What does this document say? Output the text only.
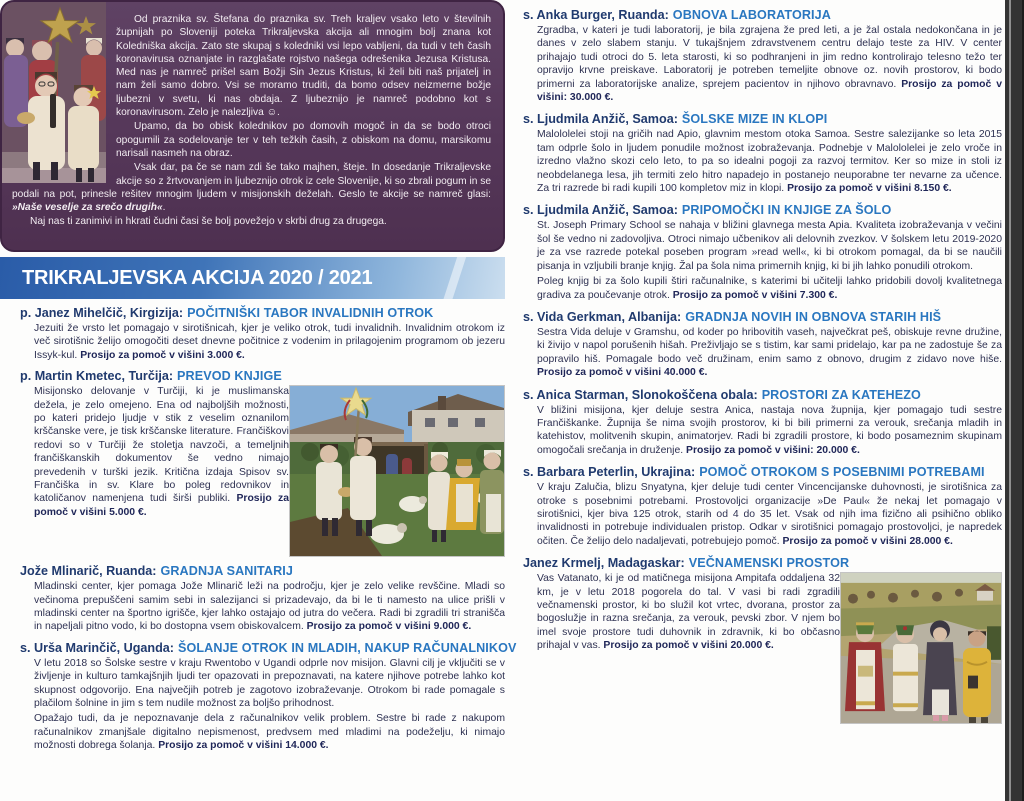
Od praznika sv. Štefana do praznika sv. Treh kraljev vsako leto v številnih župnijah po Sloveniji poteka Trikraljevska akcija ali mnogim bolj znana kot Koledniška akcija. Zato ste skupaj s koledniki vsi lepo vabljeni, da tudi v teh časih koronavirusa oznanjate in razglašate rojstvo našega odrešenika Jezusa Kristusa. Med nas je namreč prišel sam Božji Sin Jezus Kristus, ki želi biti naš prijatelj in nam želi samo dobro. Vsi se moramo truditi, da bomo odsev neizmerne božje ljubezni v svetu, ki nas obdaja. Z ljubeznijo je namreč podobno kot s koronavirusom. Zelo je nalezljiva ☺.

Upamo, da bo obisk kolednikov po domovih mogoč in da se bodo otroci opogumili za sodelovanje ter v teh težkih časih, z obiskom na domu, marsikomu narisali nasmeh na obraz.

Vsak dar, pa če se nam zdi še tako majhen, šteje. In dosedanje Trikraljevske akcije so z žrtvovanjem in ljubeznijo otrok iz cele Slovenije, ki so zbrali pogum in se podali na pot, prinesle rešitev mnogim ljudem v misijonskih deželah. Geslo te akcije se namreč glasi: »Naše veselje za srečo drugih«.

Naj nas ti zanimivi in hkrati čudni časi še bolj povežejo v skrbi drug za drugega.

TRIKRALJEVSKA AKCIJA 2020 / 2021
p. Janez Mihelčič, Kirgizija: POČITNIŠKI TABOR INVALIDNIH OTROK

Jezuiti že vrsto let pomagajo v sirotišnicah, kjer je veliko otrok, tudi invalidnih. Invalidnim otrokom iz več sirotišnic želijo omogočiti deset dnevne počitnice z vodenim in prilagojenim programom ob jezeru Issyk-kul. Prosijo za pomoč v višini 3.000 €.

p. Martin Kmetec, Turčija: PREVOD KNJIGE

Misijonsko delovanje v Turčiji, ki je muslimanska dežela, je zelo omejeno. Ena od najboljših možnosti, po kateri pridejo ljudje v stik z veselim oznanilom krščanske vere, je tisk krščanske literature. Frančiškovi redovi so v Turčiji že stoletja navzoči, a temeljnih frančiškanskih dokumentov še vedno nimajo prevedenih v turški jezik. Kritična izdaja Spisov sv. Frančiška in sv. Klare bo poleg redovnikov in katoličanov namenjena tudi širši publiki. Prosijo za pomoč v višini 5.000 €.

Jože Mlinarič, Ruanda: GRADNJA SANITARIJ

Mladinski center, kjer pomaga Jože Mlinarič leži na področju, kjer je zelo velike revščine. Mladi so večinoma prepuščeni samim sebi in salezijanci si prizadevajo, da bi le ti namesto na ulice prišli v mladinski center na športno igrišče, kjer lahko ostajajo od jutra do večera. Radi bi zgradili tri stranišča in napeljali pitno vodo, ki bo dostopna vsem obiskovalcem. Prosijo za pomoč v višini 9.000 €.

s. Urša Marinčič, Uganda: ŠOLANJE OTROK IN MLADIH, NAKUP RAČUNALNIKOV

V letu 2018 so Šolske sestre v kraju Rwentobo v Ugandi odprle nov misijon. Glavni cilj je vključiti se v življenje in kulturo tamkajšnjih ljudi ter opazovati in prepoznavati, na katere njihove potrebe lahko kot skupnost odgovorijo. Ena največjih potreb je zagotovo izobraževanje. Otrokom bi rade pomagale s plačilom šolnine in jim s tem nudile možnost za boljšo prihodnost.

Opažajo tudi, da je nepoznavanje dela z računalnikov velik problem. Sestre bi rade z nakupom računalnikov zmanjšale digitalno nepismenost, predvsem med mladimi na podeželju, ki nimajo možnosti dobrega šolanja. Prosijo za pomoč v višini 14.000 €.

s. Anka Burger, Ruanda: OBNOVA LABORATORIJA

Zgradba, v kateri je tudi laboratorij, je bila zgrajena že pred leti, a je žal ostala nedokončana in je danes v zelo slabem stanju. V tukajšnjem zdravstvenem centru delajo teste za HIV. V center prihajajo tudi otroci do 5. leta starosti, ki so podhranjeni in jim redno kontrolirajo telesno težo ter opravijo krvne preiskave. Laboratorij je potreben temeljite obnove oz. novih prostorov, ki bodo primerni za laboratorijske analize, sprejem pacientov in njihovo obravnavo. Prosijo za pomoč v višini: 30.000 €.

s. Ljudmila Anžič, Samoa: ŠOLSKE MIZE IN KLOPI

Malololelei stoji na gričih nad Apio, glavnim mestom otoka Samoa. Sestre salezijanke so leta 2015 tam odprle šolo in ljudem ponudile možnost izobraževanja. Podnebje v Malololelei je zelo vroče in izredno vlažno skozi celo leto, to pa so idealni pogoji za razvoj termitov. Ker so mize in stoli iz neobdelanega lesa, jih termiti zelo hitro napadejo in postanejo neuporabne ter nevarne za učence. Za tri razrede bi radi kupili 100 kompletov miz in klopi. Prosijo za pomoč v višini 8.150 €.

s. Ljudmila Anžič, Samoa: PRIPOMOČKI IN KNJIGE ZA ŠOLO

St. Joseph Primary School se nahaja v bližini glavnega mesta Apia. Kvaliteta izobraževanja v večini šol še vedno ni zadovoljiva. Otroci nimajo učbenikov ali delovnih zvezkov. V šolskem letu 2019-2020 je za vse razrede potekal poseben program »read well«, ki bi otrokom pomagal, da bi se naučili pisanja in vzljubili branje knjig. Žal pa šola nima primernih knjig, ki bi jih lahko ponudili otrokom.

Poleg knjig bi za šolo kupili štiri računalnike, s katerimi bi učitelji lahko pridobili dovolj kvalitetnega gradiva za poučevanje otrok. Prosijo za pomoč v višini 7.300 €.

s. Vida Gerkman, Albanija: GRADNJA NOVIH IN OBNOVA STARIH HIŠ

Sestra Vida deluje v Gramshu, od koder po hribovitih vaseh, največkrat peš, obiskuje revne družine, ki živijo v napol porušenih hišah. Preživljajo se s tistim, kar sami pridelajo, kar pa ne zadostuje še za popravilo hiš. Pomagale bodo več družinam, enim samo z obnovo, drugim z zidavo nove hiše. Prosijo za pomoč v višini 40.000 €.

s. Anica Starman, Slonokoščena obala: PROSTORI ZA KATEHEZO

V bližini misijona, kjer deluje sestra Anica, nastaja nova župnija, kjer pomagajo tudi sestre Frančiškanke. Župnija še nima svojih prostorov, ki bi bili primerni za verouk, srečanja mladih in katehistov, molitvenih skupin, animatorjev. Radi bi zgradili prostore, ki bodo posameznim skupinam omogočali srečanja in druženje. Prosijo za pomoč v višini: 20.000 €.

s. Barbara Peterlin, Ukrajina: POMOČ OTROKOM S POSEBNIMI POTREBAMI

V kraju Zalučia, blizu Snyatyna, kjer deluje tudi center Vincencijanske duhovnosti, je sirotišnica za otroke s posebnimi potrebami. Prostovoljci organizacije »De Paul« že nekaj let pomagajo v sirotišnici, kjer biva 125 otrok, starih od 4 do 35 let. Vsak od njih ima fizično ali psihično obliko invalidnosti in potrebuje individualen pristop. Odkar v sirotišnici pomagajo prostovoljci, je napredek očiten. Če želijo delo nadaljevati, potrebujejo pomoč. Prosijo za pomoč v višini 28.000 €.

Janez Krmelj, Madagaskar: VEČNAMENSKI PROSTOR

Vas Vatanato, ki je od matičnega misijona Ampitafa oddaljena 32 km, je v letu 2018 pogorela do tal. V vasi bi radi zgradili večnamenski prostor, ki bo služil kot vrtec, dvorana, prostor za bogoslužje in razna srečanja, za verouk, pevski zbor. V njem bo imel svoje prostore tudi duhovnik in zdravnik, ki bo občasno prihajal v vas. Prosijo za pomoč v višini 20.000 €.
